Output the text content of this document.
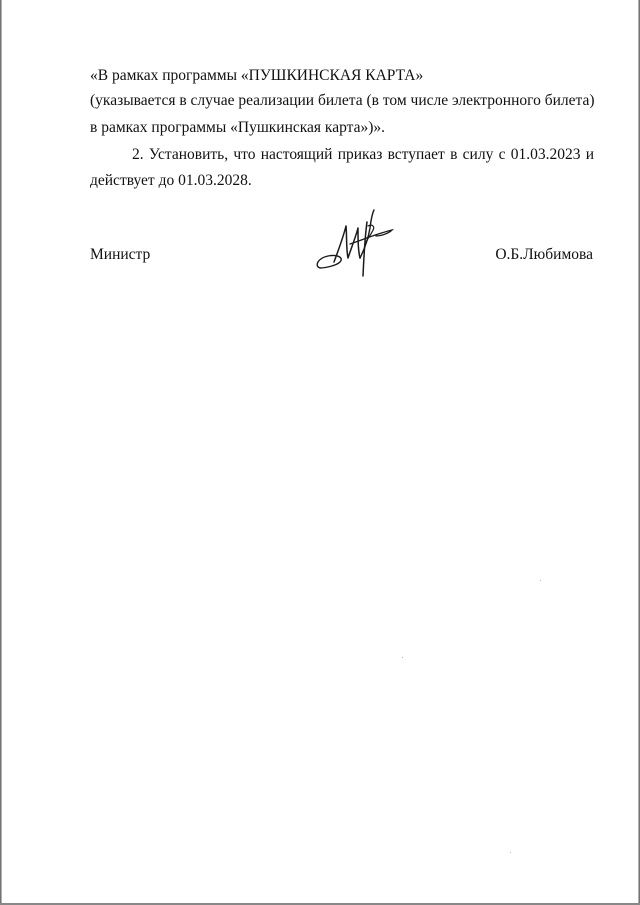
«В рамках программы «ПУШКИНСКАЯ КАРТА»
(указывается в случае реализации билета (в том числе электронного билета)
в рамках программы «Пушкинская карта»)».
2. Установить, что настоящий приказ вступает в силу с 01.03.2023 и
действует до 01.03.2028.
Министр	О.Б.Любимова
